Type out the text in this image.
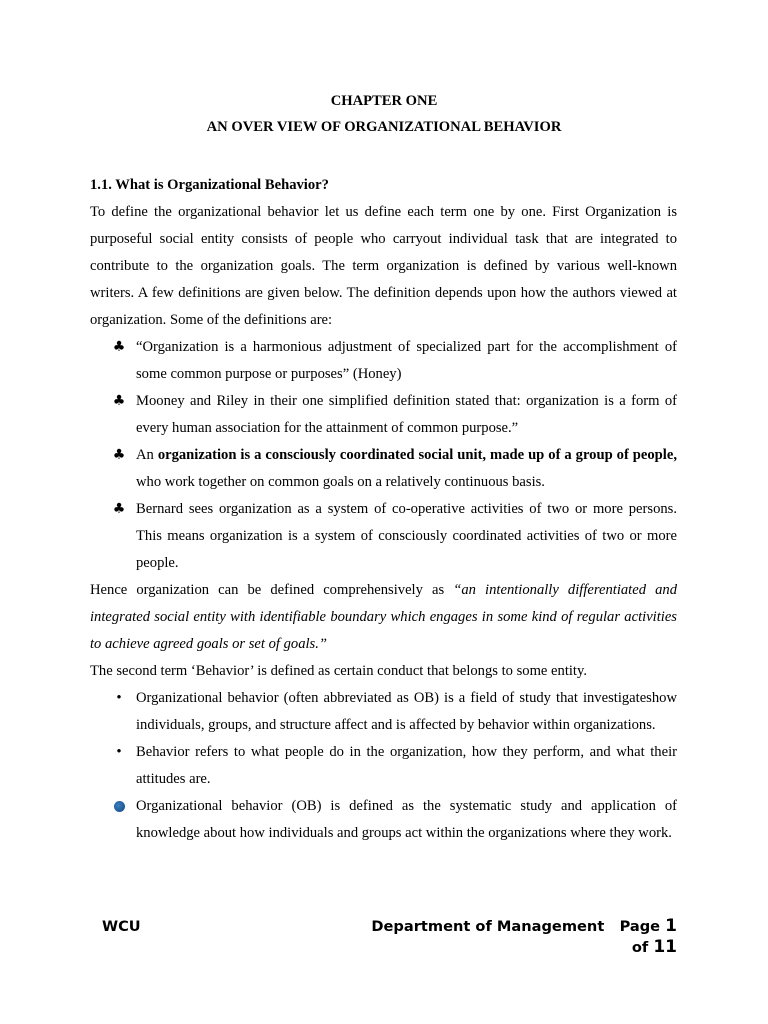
CHAPTER ONE
AN OVER VIEW OF ORGANIZATIONAL BEHAVIOR

1.1. What is Organizational Behavior?

To define the organizational behavior let us define each term one by one. First Organization is purposeful social entity consists of people who carryout individual task that are integrated to contribute to the organization goals. The term organization is defined by various well-known writers. A few definitions are given below. The definition depends upon how the authors viewed at organization. Some of the definitions are:

♣ “Organization is a harmonious adjustment of specialized part for the accomplishment of some common purpose or purposes” (Honey)
♣ Mooney and Riley in their one simplified definition stated that: organization is a form of every human association for the attainment of common purpose.”
♣ An organization is a consciously coordinated social unit, made up of a group of people, who work together on common goals on a relatively continuous basis.
♣ Bernard sees organization as a system of co-operative activities of two or more persons. This means organization is a system of consciously coordinated activities of two or more people.

Hence organization can be defined comprehensively as “an intentionally differentiated and integrated social entity with identifiable boundary which engages in some kind of regular activities to achieve agreed goals or set of goals.”

The second term ‘Behavior’ is defined as certain conduct that belongs to some entity.

• Organizational behavior (often abbreviated as OB) is a field of study that investigateshow individuals, groups, and structure affect and is affected by behavior within organizations.
• Behavior refers to what people do in the organization, how they perform, and what their attitudes are.
Organizational behavior (OB) is defined as the systematic study and application of knowledge about how individuals and groups act within the organizations where they work.
WCU	Department of Management Page 1
of 11
